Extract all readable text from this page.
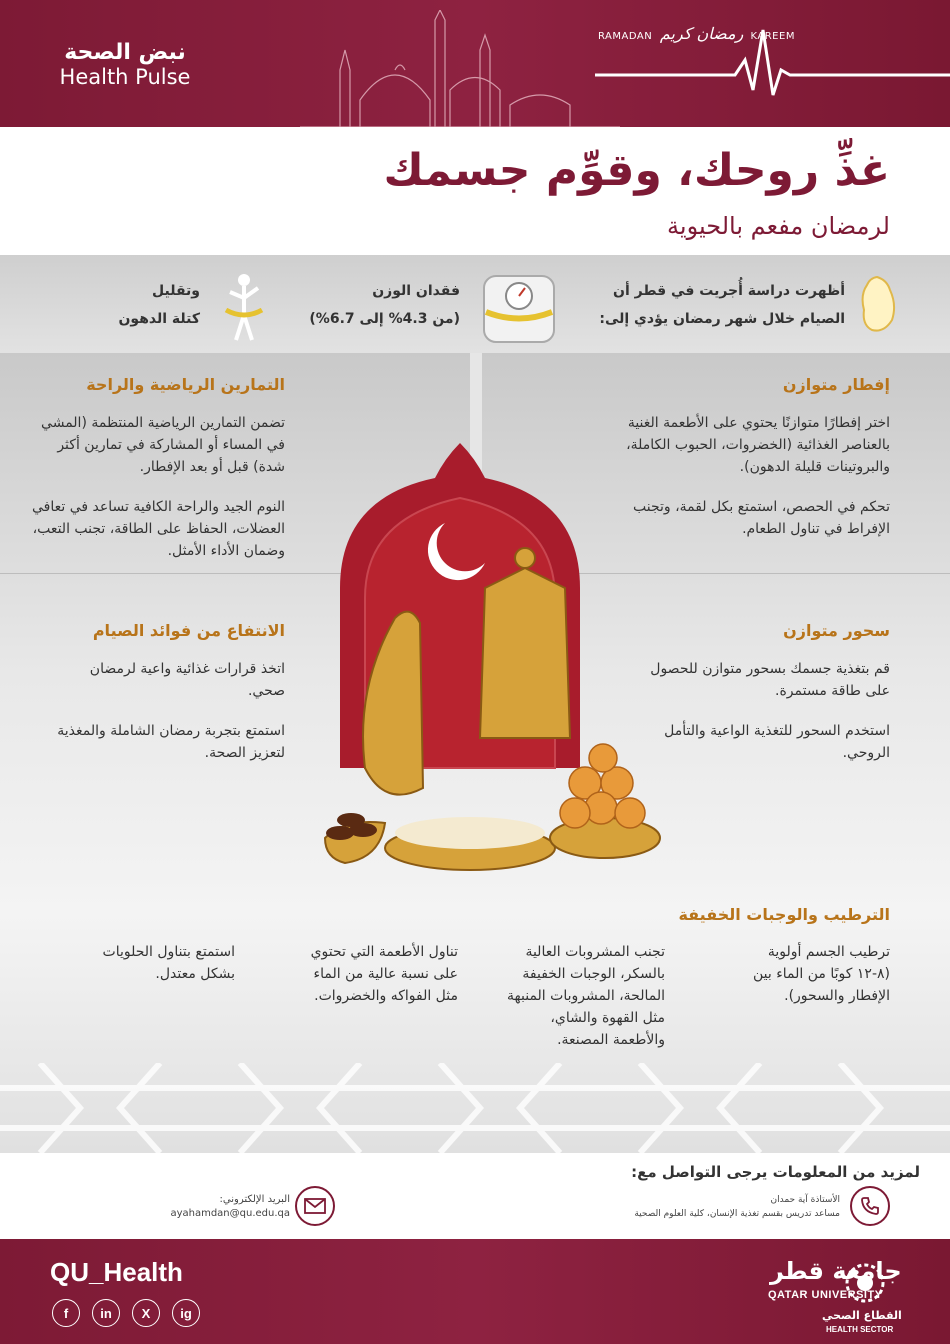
نبض الصحة
Health Pulse
RAMADAN رمضان كريم KAREEM
غذِّ روحك، وقوِّم جسمك
لرمضان مفعم بالحيوية
أظهرت دراسة أُجريت في قطر أن
الصيام خلال شهر رمضان يؤدي إلى:
فقدان الوزن
(من 4.3% إلى 6.7%)
وتقليل
كتلة الدهون
إفطار متوازن

اختر إفطارًا متوازنًا يحتوي على الأطعمة الغنية بالعناصر الغذائية (الخضروات، الحبوب الكاملة، والبروتينات قليلة الدهون).

تحكم في الحصص، استمتع بكل لقمة، وتجنب الإفراط في تناول الطعام.

التمارين الرياضية والراحة

تضمن التمارين الرياضية المنتظمة (المشي في المساء أو المشاركة في تمارين أكثر شدة) قبل أو بعد الإفطار.

النوم الجيد والراحة الكافية تساعد في تعافي العضلات، الحفاظ على الطاقة، تجنب التعب، وضمان الأداء الأمثل.

سحور متوازن

قم بتغذية جسمك بسحور متوازن للحصول على طاقة مستمرة.

استخدم السحور للتغذية الواعية والتأمل الروحي.

الانتفاع من فوائد الصيام

اتخذ قرارات غذائية واعية لرمضان صحي.

استمتع بتجربة رمضان الشاملة والمغذية لتعزيز الصحة.

الترطيب والوجبات الخفيفة

ترطيب الجسم أولوية (٨-١٢ كوبًا من الماء بين الإفطار والسحور).

تجنب المشروبات العالية بالسكر، الوجبات الخفيفة المالحة، المشروبات المنبهة مثل القهوة والشاي، والأطعمة المصنعة.

تناول الأطعمة التي تحتوي على نسبة عالية من الماء مثل الفواكه والخضروات.

استمتع بتناول الحلويات بشكل معتدل.

لمزيد من المعلومات يرجى التواصل مع:
الأستاذة آية حمدان
مساعد تدريس بقسم تغذية الإنسان، كلية العلوم الصحية
البريد الإلكتروني:
ayahamdan@qu.edu.qa
QU_Health
f	in	X	ig
جامعة قطر
QATAR UNIVERSITY
القطاع الصحي
HEALTH SECTOR
